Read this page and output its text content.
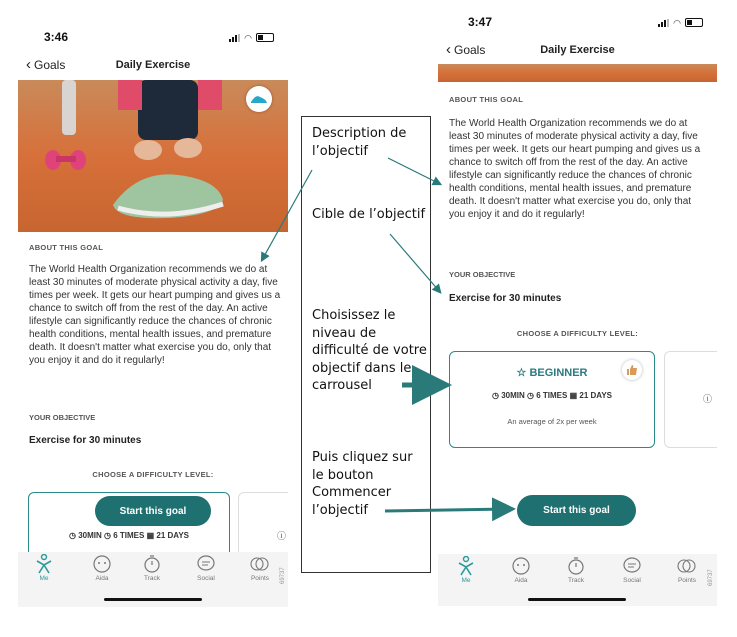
3:46	◠
‹ Goals	Daily Exercise
ABOUT THIS GOAL
The World Health Organization recommends we do at least 30 minutes of moderate physical activity a day, five times per week. It gets our heart pumping and gives us a chance to switch off from the rest of the day. An active lifestyle can significantly reduce the chances of chronic health conditions, mental health issues, and premature death. It doesn't matter what exercise you do, only that you enjoy it and do it regularly!
YOUR OBJECTIVE
Exercise for 30 minutes
CHOOSE A DIFFICULTY LEVEL:
◷ 30MIN ◷ 6 TIMES ▦ 21 DAYS	ⓘ
Start this goal
Me	Aida	Track	Social	Points	69737
3:47	◠
‹ Goals	Daily Exercise
ABOUT THIS GOAL
The World Health Organization recommends we do at least 30 minutes of moderate physical activity a day, five times per week. It gets our heart pumping and gives us a chance to switch off from the rest of the day. An active lifestyle can significantly reduce the chances of chronic health conditions, mental health issues, and premature death. It doesn't matter what exercise you do, only that you enjoy it and do it regularly!
YOUR OBJECTIVE
Exercise for 30 minutes
CHOOSE A DIFFICULTY LEVEL:
☆ BEGINNER
◷ 30MIN ◷ 6 TIMES ▦ 21 DAYS
An average of 2x per week
ⓘ
Start this goal
Me	Aida	Track	Social	Points	69737

Description de l’objectif

Cible de l’objectif

Choisissez le niveau de difficulté de votre objectif dans le carrousel

Puis cliquez sur le bouton Commencer l’objectif
